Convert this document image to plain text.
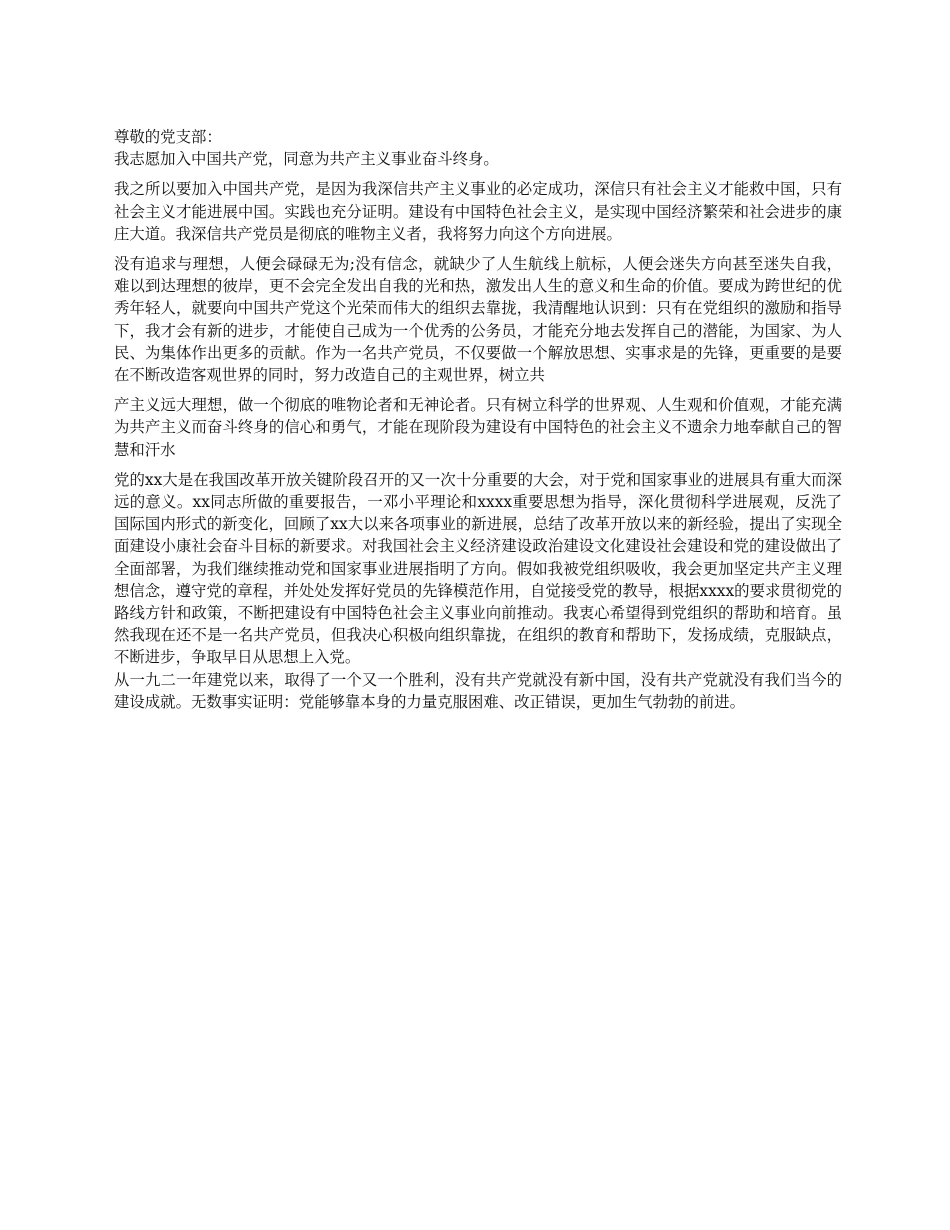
尊敬的党支部：

我志愿加入中国共产党，同意为共产主义事业奋斗终身。

我之所以要加入中国共产党，是因为我深信共产主义事业的必定成功，深信只有社会主义才能救中国，只有社会主义才能进展中国。实践也充分证明。建设有中国特色社会主义，是实现中国经济繁荣和社会进步的康庄大道。我深信共产党员是彻底的唯物主义者，我将努力向这个方向进展。

没有追求与理想，人便会碌碌无为;没有信念，就缺少了人生航线上航标，人便会迷失方向甚至迷失自我，难以到达理想的彼岸，更不会完全发出自我的光和热，激发出人生的意义和生命的价值。要成为跨世纪的优秀年轻人，就要向中国共产党这个光荣而伟大的组织去靠拢，我清醒地认识到：只有在党组织的激励和指导下，我才会有新的进步，才能使自己成为一个优秀的公务员，才能充分地去发挥自己的潜能，为国家、为人民、为集体作出更多的贡献。作为一名共产党员，不仅要做一个解放思想、实事求是的先锋，更重要的是要在不断改造客观世界的同时，努力改造自己的主观世界，树立共

产主义远大理想，做一个彻底的唯物论者和无神论者。只有树立科学的世界观、人生观和价值观，才能充满为共产主义而奋斗终身的信心和勇气，才能在现阶段为建设有中国特色的社会主义不遗余力地奉献自己的智慧和汗水

党的xx大是在我国改革开放关键阶段召开的又一次十分重要的大会，对于党和国家事业的进展具有重大而深远的意义。xx同志所做的重要报告，一邓小平理论和xxxx重要思想为指导，深化贯彻科学进展观，反洗了国际国内形式的新变化，回顾了xx大以来各项事业的新进展，总结了改革开放以来的新经验，提出了实现全面建设小康社会奋斗目标的新要求。对我国社会主义经济建设政治建设文化建设社会建设和党的建设做出了全面部署，为我们继续推动党和国家事业进展指明了方向。假如我被党组织吸收，我会更加坚定共产主义理想信念，遵守党的章程，并处处发挥好党员的先锋模范作用，自觉接受党的教导，根据xxxx的要求贯彻党的路线方针和政策，不断把建设有中国特色社会主义事业向前推动。我衷心希望得到党组织的帮助和培育。虽然我现在还不是一名共产党员，但我决心积极向组织靠拢，在组织的教育和帮助下，发扬成绩，克服缺点，不断进步，争取早日从思想上入党。

从一九二一年建党以来，取得了一个又一个胜利，没有共产党就没有新中国，没有共产党就没有我们当今的建设成就。无数事实证明：党能够靠本身的力量克服困难、改正错误，更加生气勃勃的前进。
